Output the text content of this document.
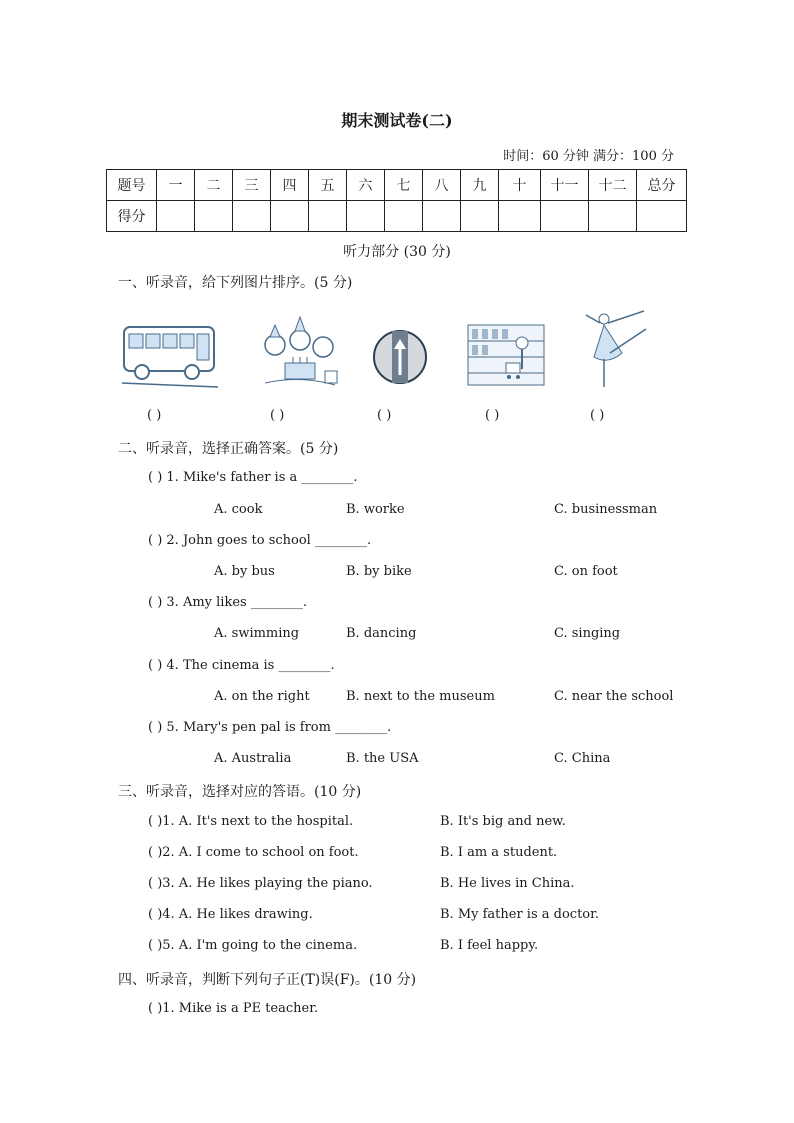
期末测试卷(二)
时间：60 分钟 满分：100 分
题号	一	二	三	四	五	六	七	八	九	十	十一	十二	总分
得分													
听力部分 (30 分)
一、听录音，给下列图片排序。(5 分)
( )	( )	( )	( )	( )
二、听录音，选择正确答案。(5 分)
( ) 1. Mike's father is a ________.
A. cook	B. worke	C. businessman
( ) 2. John goes to school ________.
A. by bus	B. by bike	C. on foot
( ) 3. Amy likes ________.
A. swimming	B. dancing	C. singing
( ) 4. The cinema is ________.
A. on the right	B. next to the museum	C. near the school
( ) 5. Mary's pen pal is from ________.
A. Australia	B. the USA	C. China
三、听录音，选择对应的答语。(10 分)
( )1. A. It's next to the hospital.	B. It's big and new.
( )2. A. I come to school on foot.	B. I am a student.
( )3. A. He likes playing the piano.	B. He lives in China.
( )4. A. He likes drawing.	B. My father is a doctor.
( )5. A. I'm going to the cinema.	B. I feel happy.
四、听录音，判断下列句子正(T)误(F)。(10 分)
( )1. Mike is a PE teacher.
